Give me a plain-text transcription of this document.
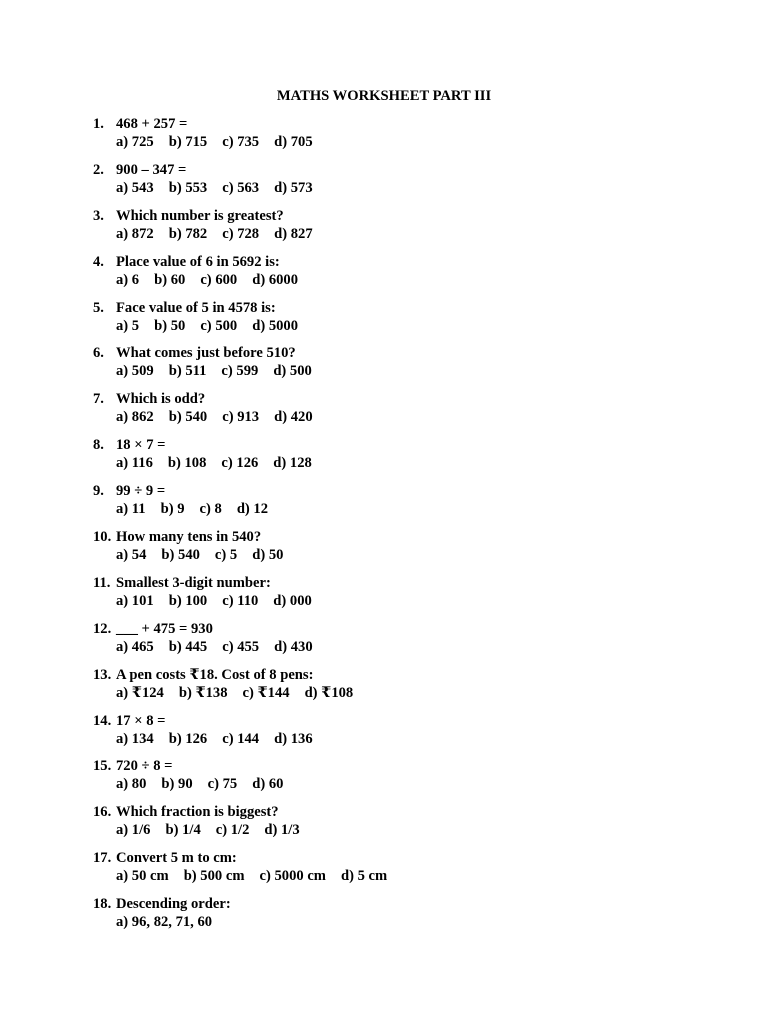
MATHS WORKSHEET PART III
1. 468 + 257 =
a) 725 b) 715 c) 735 d) 705
2. 900 – 347 =
a) 543 b) 553 c) 563 d) 573
3. Which number is greatest?
a) 872 b) 782 c) 728 d) 827
4. Place value of 6 in 5692 is:
a) 6 b) 60 c) 600 d) 6000
5. Face value of 5 in 4578 is:
a) 5 b) 50 c) 500 d) 5000
6. What comes just before 510?
a) 509 b) 511 c) 599 d) 500
7. Which is odd?
a) 862 b) 540 c) 913 d) 420
8. 18 × 7 =
a) 116 b) 108 c) 126 d) 128
9. 99 ÷ 9 =
a) 11 b) 9 c) 8 d) 12
10. How many tens in 540?
a) 54 b) 540 c) 5 d) 50
11. Smallest 3-digit number:
a) 101 b) 100 c) 110 d) 000
12. ___ + 475 = 930
a) 465 b) 445 c) 455 d) 430
13. A pen costs ₹18. Cost of 8 pens:
a) ₹124 b) ₹138 c) ₹144 d) ₹108
14. 17 × 8 =
a) 134 b) 126 c) 144 d) 136
15. 720 ÷ 8 =
a) 80 b) 90 c) 75 d) 60
16. Which fraction is biggest?
a) 1/6 b) 1/4 c) 1/2 d) 1/3
17. Convert 5 m to cm:
a) 50 cm b) 500 cm c) 5000 cm d) 5 cm
18. Descending order:
a) 96, 82, 71, 60
